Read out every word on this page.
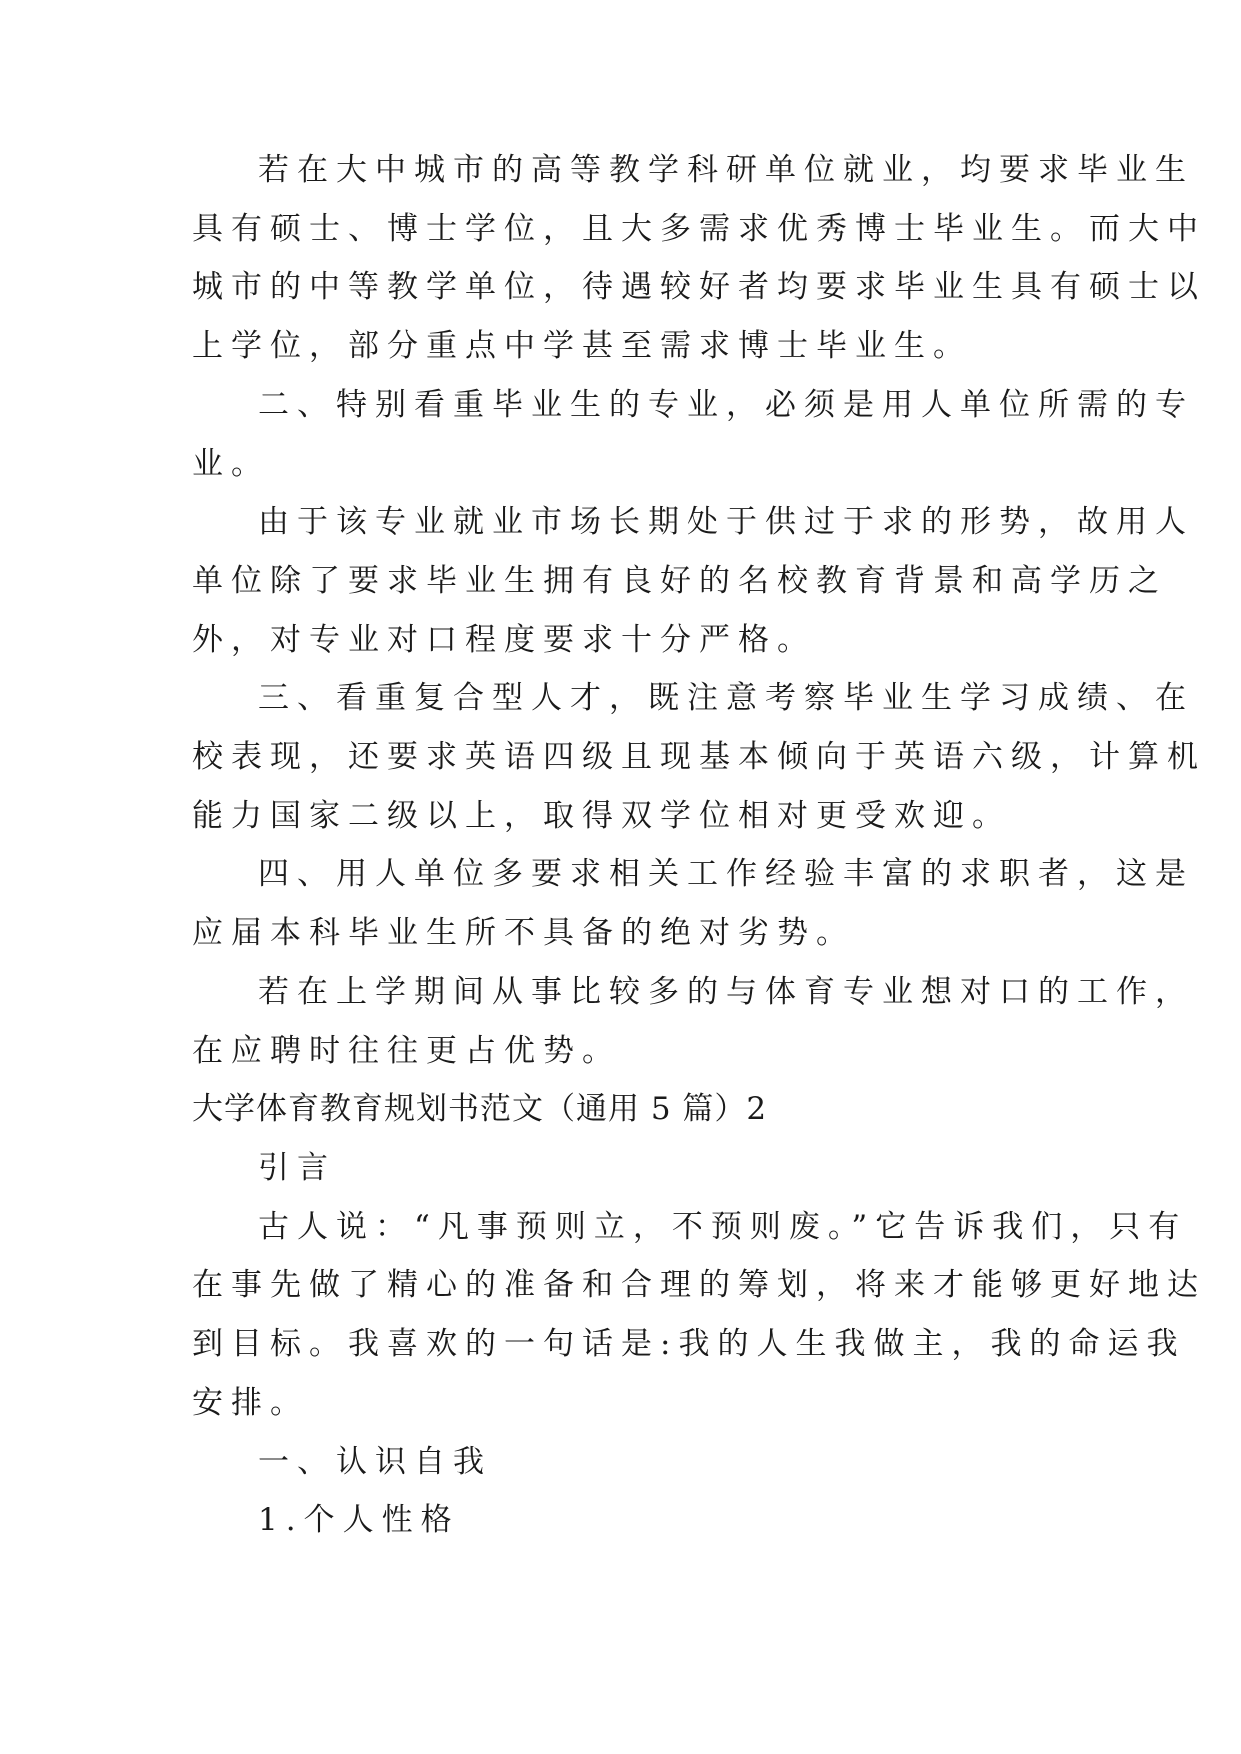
若在大中城市的高等教学科研单位就业，均要求毕业生
具有硕士、博士学位，且大多需求优秀博士毕业生。而大中
城市的中等教学单位，待遇较好者均要求毕业生具有硕士以
上学位，部分重点中学甚至需求博士毕业生。
二、特别看重毕业生的专业，必须是用人单位所需的专
业。
由于该专业就业市场长期处于供过于求的形势，故用人
单位除了要求毕业生拥有良好的名校教育背景和高学历之
外，对专业对口程度要求十分严格。
三、看重复合型人才，既注意考察毕业生学习成绩、在
校表现，还要求英语四级且现基本倾向于英语六级，计算机
能力国家二级以上，取得双学位相对更受欢迎。
四、用人单位多要求相关工作经验丰富的求职者，这是
应届本科毕业生所不具备的绝对劣势。
若在上学期间从事比较多的与体育专业想对口的工作，
在应聘时往往更占优势。
大学体育教育规划书范文（通用 5 篇）2
引言
古人说：“凡事预则立，不预则废。”它告诉我们，只有
在事先做了精心的准备和合理的筹划，将来才能够更好地达
到目标。我喜欢的一句话是:我的人生我做主，我的命运我
安排。
一、认识自我
1.个人性格
